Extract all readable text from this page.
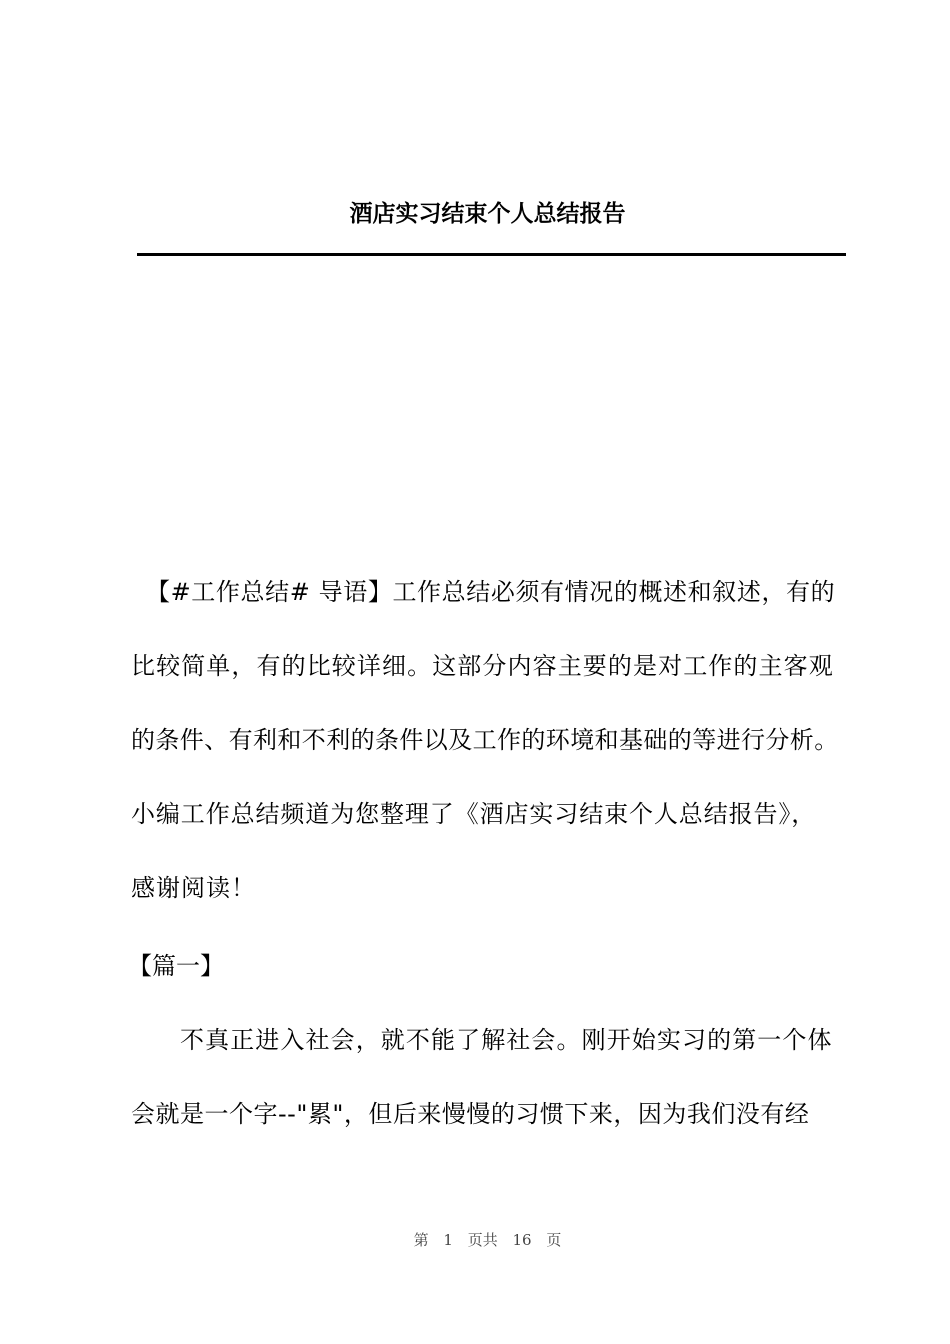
酒店实习结束个人总结报告

【#工作总结# 导语】工作总结必须有情况的概述和叙述，有的

比较简单，有的比较详细。这部分内容主要的是对工作的主客观

的条件、有利和不利的条件以及工作的环境和基础的等进行分析。

小编工作总结频道为您整理了《酒店实习结束个人总结报告》，

感谢阅读！

【篇一】

不真正进入社会，就不能了解社会。刚开始实习的第一个体

会就是一个字--"累"，但后来慢慢的习惯下来，因为我们没有经

第 1 页共 16 页
